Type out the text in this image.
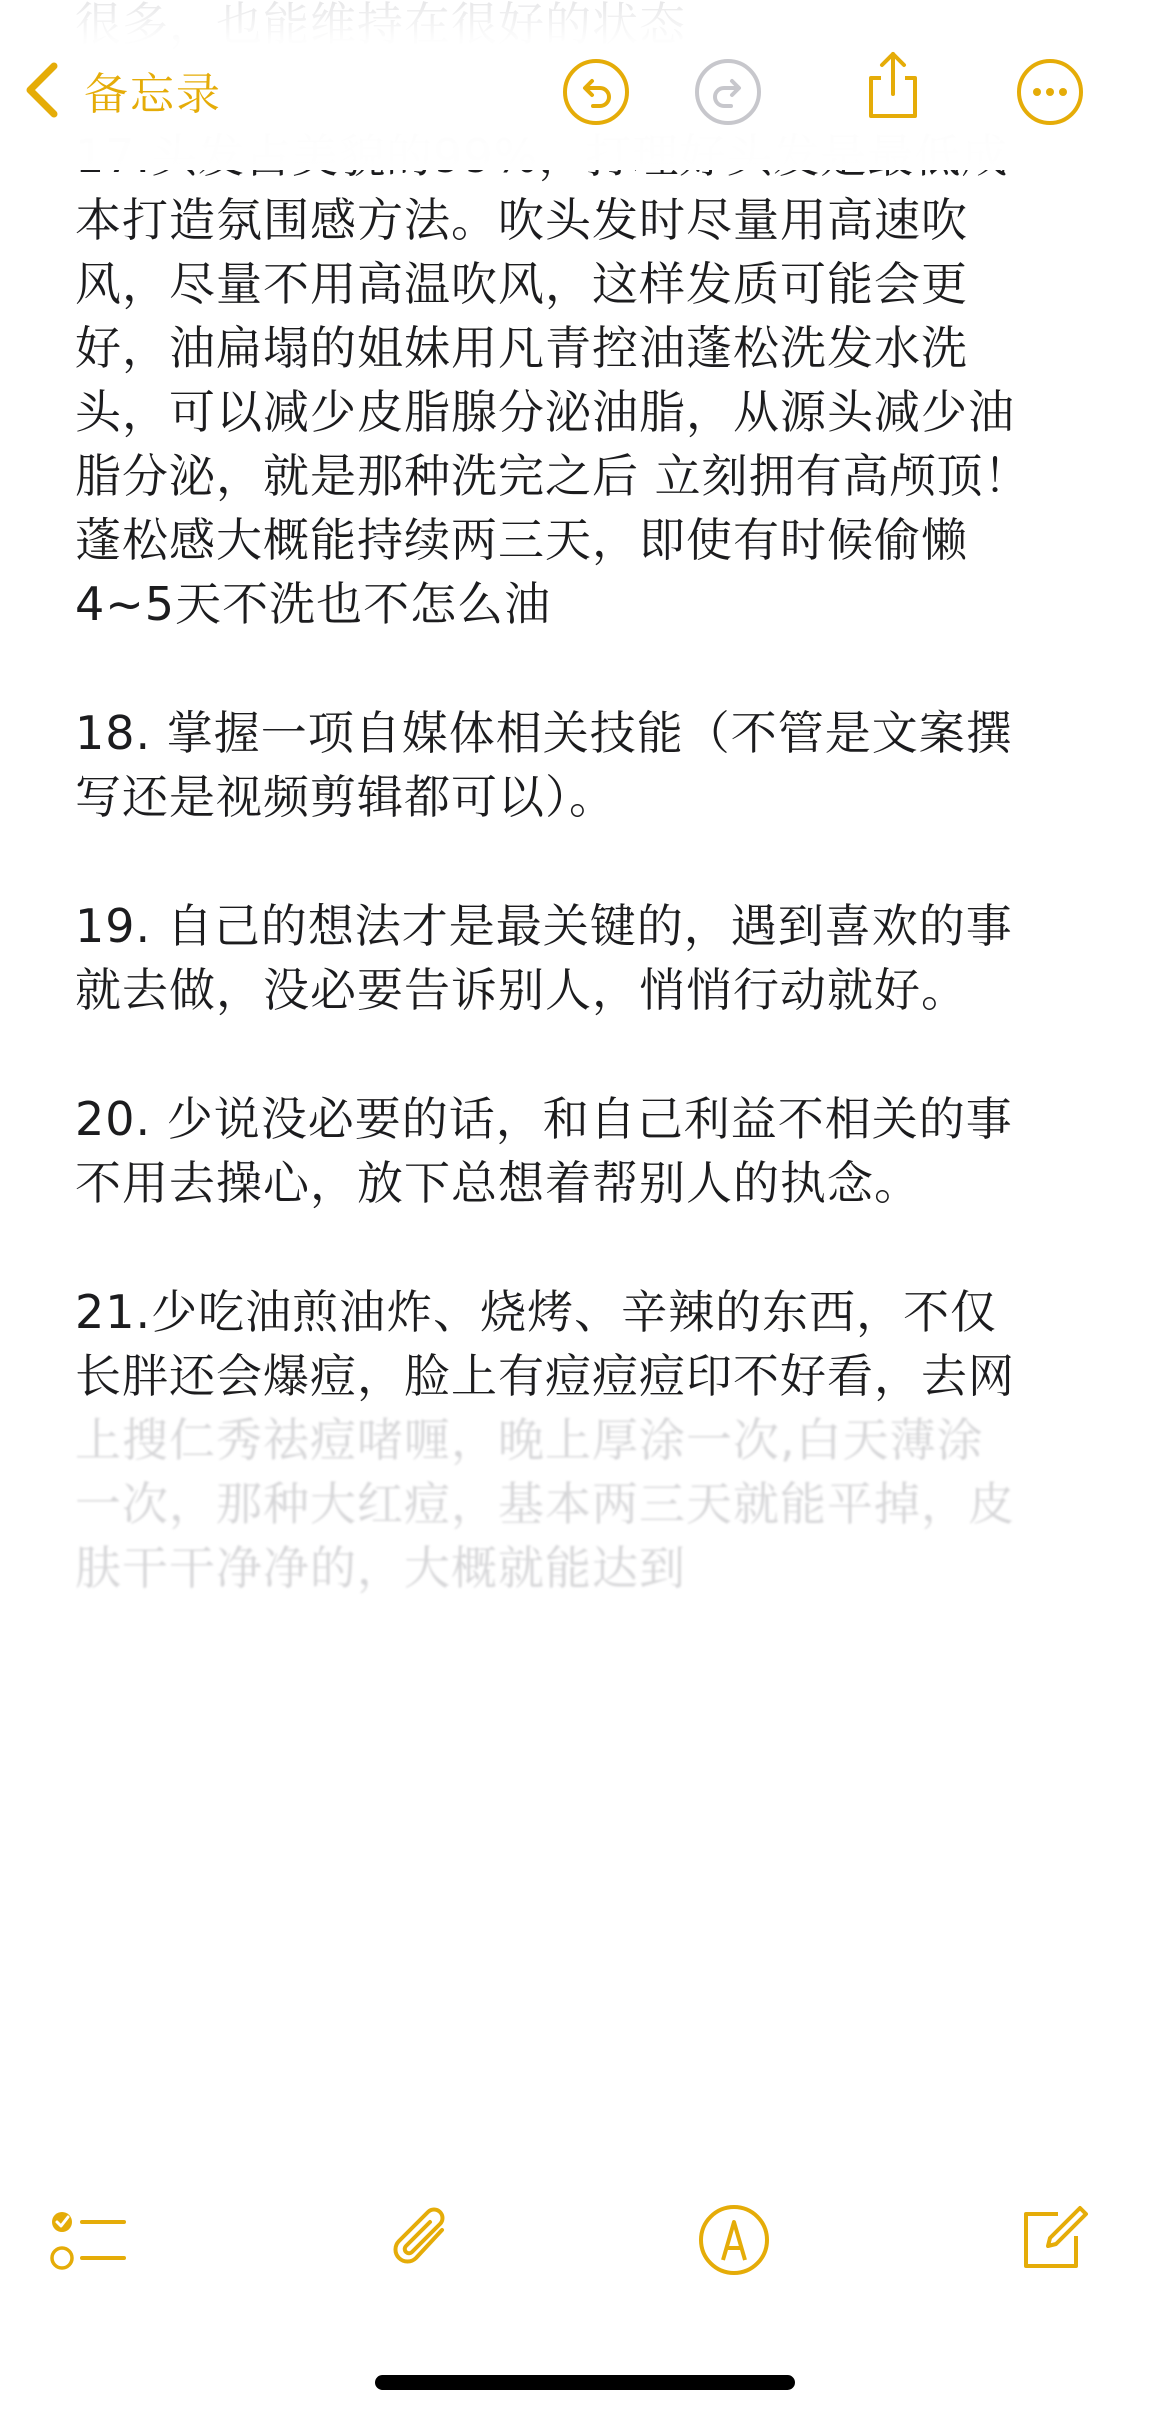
本打造氛围感方法。吹头发时尽量用高速吹
风，尽量不用高温吹风，这样发质可能会更
好，油扁塌的姐妹用凡青控油蓬松洗发水洗
头，可以减少皮脂腺分泌油脂，从源头减少油
脂分泌，就是那种洗完之后 立刻拥有高颅顶！
蓬松感大概能持续两三天，即使有时候偷懒
4~5天不洗也不怎么油
18. 掌握一项自媒体相关技能（不管是文案撰
写还是视频剪辑都可以）。
19. 自己的想法才是最关键的，遇到喜欢的事
就去做，没必要告诉别人，悄悄行动就好。
20. 少说没必要的话，和自己利益不相关的事
不用去操心，放下总想着帮别人的执念。
21.少吃油煎油炸、烧烤、辛辣的东西，不仅
长胖还会爆痘，脸上有痘痘痘印不好看，去网
上搜仁秀祛痘啫喱，晚上厚涂一次,白天薄涂
一次，那种大红痘，基本两三天就能平掉，皮
肤干干净净的，大概就能达到
备忘录
